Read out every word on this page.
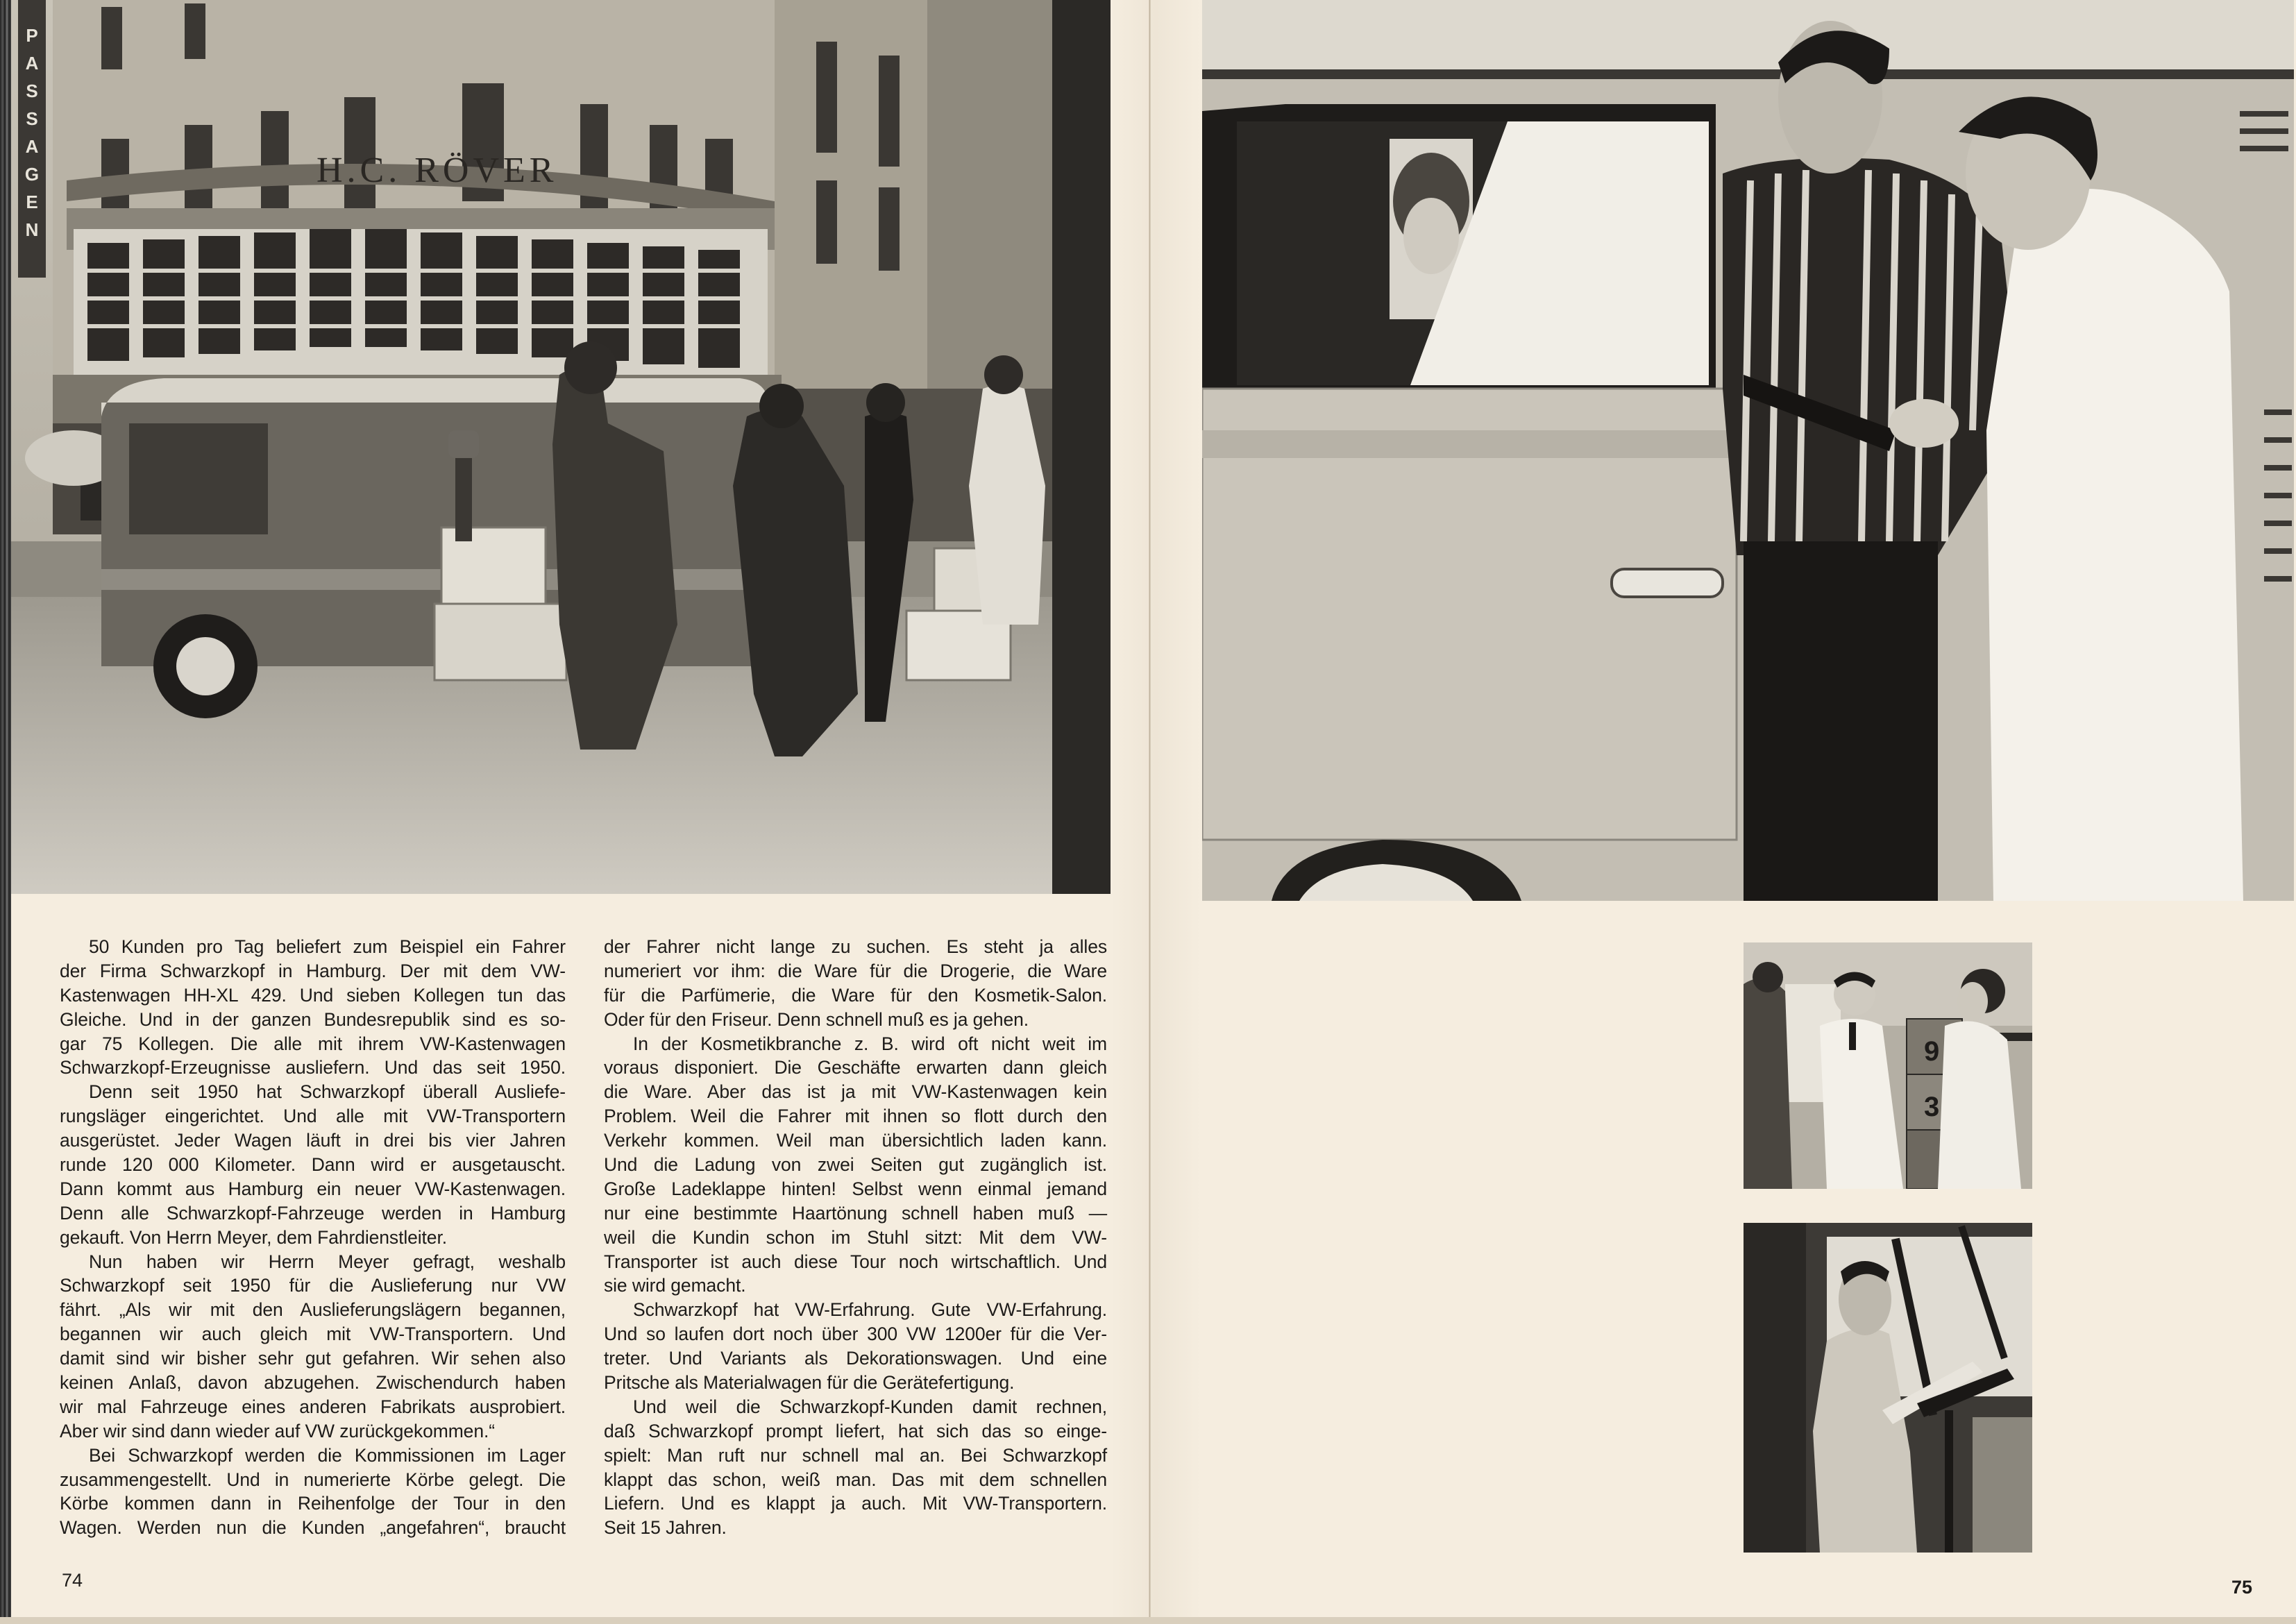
H.C. RÖVER
P
A
S
S
A
G
E
N
9
3
50 Kunden pro Tag beliefert zum Beispiel ein Fahrer
der Firma Schwarzkopf in Hamburg. Der mit dem VW-
Kastenwagen HH-XL 429. Und sieben Kollegen tun das
Gleiche. Und in der ganzen Bundesrepublik sind es so-
gar 75 Kollegen. Die alle mit ihrem VW-Kastenwagen
Schwarzkopf-Erzeugnisse ausliefern. Und das seit 1950.
Denn seit 1950 hat Schwarzkopf überall Ausliefe-
rungsläger eingerichtet. Und alle mit VW-Transportern
ausgerüstet. Jeder Wagen läuft in drei bis vier Jahren
runde 120 000 Kilometer. Dann wird er ausgetauscht.
Dann kommt aus Hamburg ein neuer VW-Kastenwagen.
Denn alle Schwarzkopf-Fahrzeuge werden in Hamburg
gekauft. Von Herrn Meyer, dem Fahrdienstleiter.
Nun haben wir Herrn Meyer gefragt, weshalb
Schwarzkopf seit 1950 für die Auslieferung nur VW
fährt. „Als wir mit den Auslieferungslägern begannen,
begannen wir auch gleich mit VW-Transportern. Und
damit sind wir bisher sehr gut gefahren. Wir sehen also
keinen Anlaß, davon abzugehen. Zwischendurch haben
wir mal Fahrzeuge eines anderen Fabrikats ausprobiert.
Aber wir sind dann wieder auf VW zurückgekommen.“
Bei Schwarzkopf werden die Kommissionen im Lager
zusammengestellt. Und in numerierte Körbe gelegt. Die
Körbe kommen dann in Reihenfolge der Tour in den
Wagen. Werden nun die Kunden „angefahren“, braucht
der Fahrer nicht lange zu suchen. Es steht ja alles
numeriert vor ihm: die Ware für die Drogerie, die Ware
für die Parfümerie, die Ware für den Kosmetik-Salon.
Oder für den Friseur. Denn schnell muß es ja gehen.
In der Kosmetikbranche z. B. wird oft nicht weit im
voraus disponiert. Die Geschäfte erwarten dann gleich
die Ware. Aber das ist ja mit VW-Kastenwagen kein
Problem. Weil die Fahrer mit ihnen so flott durch den
Verkehr kommen. Weil man übersichtlich laden kann.
Und die Ladung von zwei Seiten gut zugänglich ist.
Große Ladeklappe hinten! Selbst wenn einmal jemand
nur eine bestimmte Haartönung schnell haben muß —
weil die Kundin schon im Stuhl sitzt: Mit dem VW-
Transporter ist auch diese Tour noch wirtschaftlich. Und
sie wird gemacht.
Schwarzkopf hat VW-Erfahrung. Gute VW-Erfahrung.
Und so laufen dort noch über 300 VW 1200er für die Ver-
treter. Und Variants als Dekorationswagen. Und eine
Pritsche als Materialwagen für die Gerätefertigung.
Und weil die Schwarzkopf-Kunden damit rechnen,
daß Schwarzkopf prompt liefert, hat sich das so einge-
spielt: Man ruft nur schnell mal an. Bei Schwarzkopf
klappt das schon, weiß man. Das mit dem schnellen
Liefern. Und es klappt ja auch. Mit VW-Transportern.
Seit 15 Jahren.
74	75
